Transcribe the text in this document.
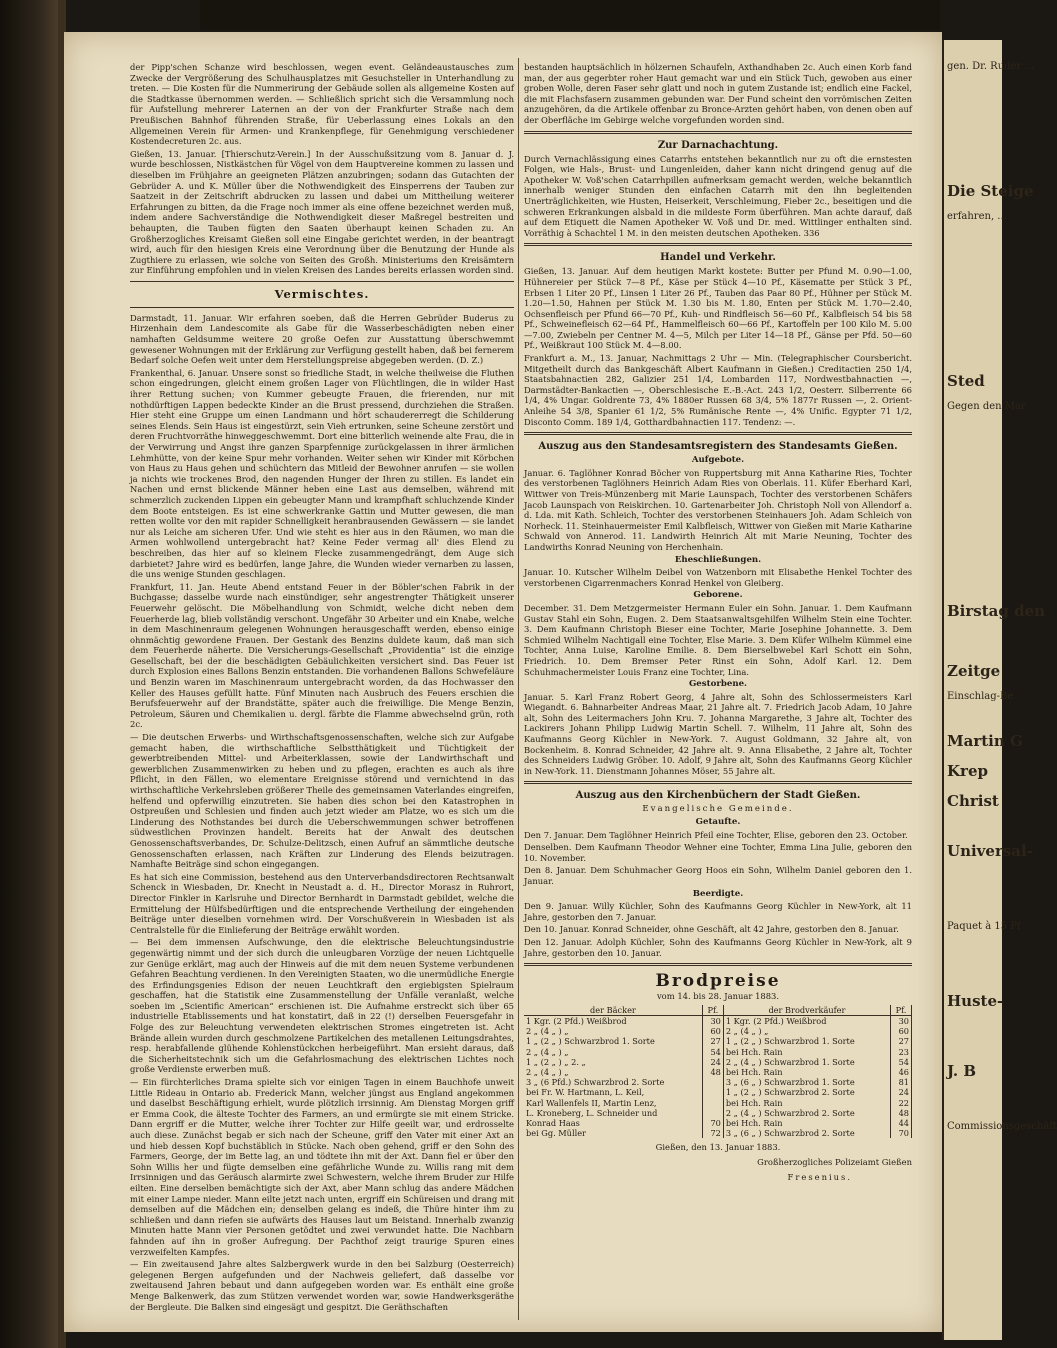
der Pipp'schen Schanze wird beschlossen, wegen event. Geländeaustausches zum Zwecke der Vergrößerung des Schulhausplatzes mit Gesuchsteller in Unterhandlung zu treten. — Die Kosten für die Nummerirung der Gebäude sollen als allgemeine Kosten auf die Stadtkasse übernommen werden. — Schließlich spricht sich die Versammlung noch für Aufstellung mehrerer Laternen an der von der Frankfurter Straße nach dem Preußischen Bahnhof führenden Straße, für Ueberlassung eines Lokals an den Allgemeinen Verein für Armen- und Krankenpflege, für Genehmigung verschiedener Kostendecreturen 2c. aus.

Gießen, 13. Januar. [Thierschutz-Verein.] In der Ausschußsitzung vom 8. Januar d. J. wurde beschlossen, Nistkästchen für Vögel von dem Hauptvereine kommen zu lassen und dieselben im Frühjahre an geeigneten Plätzen anzubringen; sodann das Gutachten der Gebrüder A. und K. Müller über die Nothwendigkeit des Einsperrens der Tauben zur Saatzeit in der Zeitschrift abdrucken zu lassen und dabei um Mittheilung weiterer Erfahrungen zu bitten, da die Frage noch immer als eine offene bezeichnet werden muß, indem andere Sachverständige die Nothwendigkeit dieser Maßregel bestreiten und behaupten, die Tauben fügten den Saaten überhaupt keinen Schaden zu. An Großherzogliches Kreisamt Gießen soll eine Eingabe gerichtet werden, in der beantragt wird, auch für den hiesigen Kreis eine Verordnung über die Benutzung der Hunde als Zugthiere zu erlassen, wie solche von Seiten des Großh. Ministeriums den Kreisämtern zur Einführung empfohlen und in vielen Kreisen des Landes bereits erlassen worden sind.

Vermischtes.

Darmstadt, 11. Januar. Wir erfahren soeben, daß die Herren Gebrüder Buderus zu Hirzenhain dem Landescomite als Gabe für die Wasserbeschädigten neben einer namhaften Geldsumme weitere 20 große Oefen zur Ausstattung überschwemmt gewesener Wohnungen mit der Erklärung zur Verfügung gestellt haben, daß bei fernerem Bedarf solche Oefen weit unter dem Herstellungspreise abgegeben werden. (D. Z.)

Frankenthal, 6. Januar. Unsere sonst so friedliche Stadt, in welche theilweise die Fluthen schon eingedrungen, gleicht einem großen Lager von Flüchtlingen, die in wilder Hast ihrer Rettung suchen; von Kummer gebeugte Frauen, die frierenden, nur mit nothdürftigen Lappen bedeckte Kinder an die Brust pressend, durchziehen die Straßen. Hier steht eine Gruppe um einen Landmann und hört schaudererregt die Schilderung seines Elends. Sein Haus ist eingestürzt, sein Vieh ertrunken, seine Scheune zerstört und deren Fruchtvorräthe hinweggeschwemmt. Dort eine bitterlich weinende alte Frau, die in der Verwirrung und Angst ihre ganzen Sparpfennige zurückgelassen in ihrer ärmlichen Lehmhütte, von der keine Spur mehr vorhanden. Weiter sehen wir Kinder mit Körbchen von Haus zu Haus gehen und schüchtern das Mitleid der Bewohner anrufen — sie wollen ja nichts wie trockenes Brod, den nagenden Hunger der Ihren zu stillen. Es landet ein Nachen und ernst blickende Männer heben eine Last aus demselben, während mit schmerzlich zuckenden Lippen ein gebeugter Mann und krampfhaft schluchzende Kinder dem Boote entsteigen. Es ist eine schwerkranke Gattin und Mutter gewesen, die man retten wollte vor den mit rapider Schnelligkeit heranbrausenden Gewässern — sie landet nur als Leiche am sicheren Ufer. Und wie steht es hier aus in den Räumen, wo man die Armen wohlwollend untergebracht hat? Keine Feder vermag all' dies Elend zu beschreiben, das hier auf so kleinem Flecke zusammengedrängt, dem Auge sich darbietet? Jahre wird es bedürfen, lange Jahre, die Wunden wieder vernarben zu lassen, die uns wenige Stunden geschlagen.

Frankfurt, 11. Jan. Heute Abend entstand Feuer in der Böbler'schen Fabrik in der Buchgasse; dasselbe wurde nach einstündiger, sehr angestrengter Thätigkeit unserer Feuerwehr gelöscht. Die Möbelhandlung von Schmidt, welche dicht neben dem Feuerherde lag, blieb vollständig verschont. Ungefähr 30 Arbeiter und ein Knabe, welche in dem Maschinenraum gelegenen Wohnungen herausgeschafft werden, ebenso einige ohnmächtig gewordene Frauen. Der Gestank des Benzins duldete kaum, daß man sich dem Feuerherde näherte. Die Versicherungs-Gesellschaft „Providentia“ ist die einzige Gesellschaft, bei der die beschädigten Gebäulichkeiten versichert sind. Das Feuer ist durch Explosion eines Ballons Benzin entstanden. Die vorhandenen Ballons Schwefeläure und Benzin waren im Maschinenraum untergebracht worden, da das Hochwasser den Keller des Hauses gefüllt hatte. Fünf Minuten nach Ausbruch des Feuers erschien die Berufsfeuerwehr auf der Brandstätte, später auch die freiwillige. Die Menge Benzin, Petroleum, Säuren und Chemikalien u. dergl. färbte die Flamme abwechselnd grün, roth 2c.

— Die deutschen Erwerbs- und Wirthschaftsgenossenschaften, welche sich zur Aufgabe gemacht haben, die wirthschaftliche Selbstthätigkeit und Tüchtigkeit der gewerbtreibenden Mittel- und Arbeiterklassen, sowie der Landwirthschaft und gewerblichen Zusammenwirken zu heben und zu pflegen, erachten es auch als ihre Pflicht, in den Fällen, wo elementare Ereignisse störend und vernichtend in das wirthschaftliche Verkehrsleben größerer Theile des gemeinsamen Vaterlandes eingreifen, helfend und opferwillig einzutreten. Sie haben dies schon bei den Katastrophen in Ostpreußen und Schlesien und finden auch jetzt wieder am Platze, wo es sich um die Linderung des Nothstandes bei durch die Ueberschwemmungen schwer betroffenen südwestlichen Provinzen handelt. Bereits hat der Anwalt des deutschen Genossenschaftsverbandes, Dr. Schulze-Delitzsch, einen Aufruf an sämmtliche deutsche Genossenschaften erlassen, nach Kräften zur Linderung des Elends beizutragen. Namhafte Beiträge sind schon eingegangen.

Es hat sich eine Commission, bestehend aus den Unterverbandsdirectoren Rechtsanwalt Schenck in Wiesbaden, Dr. Knecht in Neustadt a. d. H., Director Morasz in Ruhrort, Director Finkler in Karlsruhe und Director Bernhardt in Darmstadt gebildet, welche die Ermittelung der Hülfsbedürftigen und die entsprechende Vertheilung der eingehenden Beiträge unter dieselben vornehmen wird. Der Vorschußverein in Wiesbaden ist als Centralstelle für die Einlieferung der Beiträge erwählt worden.

— Bei dem immensen Aufschwunge, den die elektrische Beleuchtungsindustrie gegenwärtig nimmt und der sich durch die unleugbaren Vorzüge der neuen Lichtquelle zur Genüge erklärt, mag auch der Hinweis auf die mit dem neuen Systeme verbundenen Gefahren Beachtung verdienen. In den Vereinigten Staaten, wo die unermüdliche Energie des Erfindungsgenies Edison der neuen Leuchtkraft den ergiebigsten Spielraum geschaffen, hat die Statistik eine Zusammenstellung der Unfälle veranlaßt, welche soeben im „Scientific American“ erschienen ist. Die Aufnahme erstreckt sich über 65 industrielle Etablissements und hat konstatirt, daß in 22 (!) derselben Feuersgefahr in Folge des zur Beleuchtung verwendeten elektrischen Stromes eingetreten ist. Acht Brände allein wurden durch geschmolzene Partikelchen des metallenen Leitungsdrahtes, resp. herabfallende glühende Kohlenstückchen herbeigeführt. Man ersieht daraus, daß die Sicherheitstechnik sich um die Gefahrlosmachung des elektrischen Lichtes noch große Verdienste erwerben muß.

— Ein fürchterliches Drama spielte sich vor einigen Tagen in einem Bauchhofe unweit Little Rideau in Ontario ab. Frederick Mann, welcher jüngst aus England angekommen und daselbst Beschäftigung erhielt, wurde plötzlich irrsinnig. Am Dienstag Morgen griff er Emma Cook, die älteste Tochter des Farmers, an und ermürgte sie mit einem Stricke. Dann ergriff er die Mutter, welche ihrer Tochter zur Hilfe geeilt war, und erdrosselte auch diese. Zunächst begab er sich nach der Scheune, griff den Vater mit einer Axt an und hieb dessen Kopf buchstäblich in Stücke. Nach oben gehend, griff er den Sohn des Farmers, George, der im Bette lag, an und tödtete ihn mit der Axt. Dann fiel er über den Sohn Willis her und fügte demselben eine gefährliche Wunde zu. Willis rang mit dem Irrsinnigen und das Geräusch alarmirte zwei Schwestern, welche ihrem Bruder zur Hilfe eilten. Eine derselben bemächtigte sich der Axt, aber Mann schlug das andere Mädchen mit einer Lampe nieder. Mann eilte jetzt nach unten, ergriff ein Schüreisen und drang mit demselben auf die Mädchen ein; denselben gelang es indeß, die Thüre hinter ihm zu schließen und dann riefen sie aufwärts des Hauses laut um Beistand. Innerhalb zwanzig Minuten hatte Mann vier Personen getödtet und zwei verwundet hatte. Die Nachbarn fahnden auf ihn in großer Aufregung. Der Pachthof zeigt traurige Spuren eines verzweifelten Kampfes.

— Ein zweitausend Jahre altes Salzbergwerk wurde in den bei Salzburg (Oesterreich) gelegenen Bergen aufgefunden und der Nachweis geliefert, daß dasselbe vor zweitausend Jahren bebaut und dann aufgegeben worden war. Es enthält eine große Menge Balkenwerk, das zum Stützen verwendet worden war, sowie Handwerksgeräthe der Bergleute. Die Balken sind eingesägt und gespitzt. Die Geräthschaften

bestanden hauptsächlich in hölzernen Schaufeln, Axthandhaben 2c. Auch einen Korb fand man, der aus gegerbter roher Haut gemacht war und ein Stück Tuch, gewoben aus einer groben Wolle, deren Faser sehr glatt und noch in gutem Zustande ist; endlich eine Fackel, die mit Flachsfasern zusammen gebunden war. Der Fund scheint den vorrömischen Zeiten anzugehören, da die Artikele offenbar zu Bronce-Arzten gehört haben, von denen oben auf der Oberfläche im Gebirge welche vorgefunden worden sind.

Zur Darnachachtung.

Durch Vernachlässigung eines Catarrhs entstehen bekanntlich nur zu oft die ernstesten Folgen, wie Hals-, Brust- und Lungenleiden, daher kann nicht dringend genug auf die Apotheker W. Voß'schen Catarrhpillen aufmerksam gemacht werden, welche bekanntlich innerhalb weniger Stunden den einfachen Catarrh mit den ihn begleitenden Unerträglichkeiten, wie Husten, Heiserkeit, Verschleimung, Fieber 2c., beseitigen und die schweren Erkrankungen alsbald in die mildeste Form überführen. Man achte darauf, daß auf dem Etiquett die Namen Apotheker W. Voß und Dr. med. Wittlinger enthalten sind. Vorräthig à Schachtel 1 M. in den meisten deutschen Apotheken. 336

Handel und Verkehr.

Gießen, 13. Januar. Auf dem heutigen Markt kostete: Butter per Pfund M. 0.90—1.00, Hühnereier per Stück 7—8 Pf., Käse per Stück 4—10 Pf., Käsematte per Stück 3 Pf., Erbsen 1 Liter 20 Pf., Linsen 1 Liter 26 Pf., Tauben das Paar 80 Pf., Hühner per Stück M. 1.20—1.50, Hahnen per Stück M. 1.30 bis M. 1.80, Enten per Stück M. 1.70—2.40, Ochsenfleisch per Pfund 66—70 Pf., Kuh- und Rindfleisch 56—60 Pf., Kalbfleisch 54 bis 58 Pf., Schweinefleisch 62—64 Pf., Hammelfleisch 60—66 Pf., Kartoffeln per 100 Kilo M. 5.00—7.00, Zwiebeln per Centner M. 4—5, Milch per Liter 14—18 Pf., Gänse per Pfd. 50—60 Pf., Weißkraut 100 Stück M. 4—8.00.

Frankfurt a. M., 13. Januar, Nachmittags 2 Uhr — Min. (Telegraphischer Coursbericht. Mitgetheilt durch das Bankgeschäft Albert Kaufmann in Gießen.) Creditactien 250 1/4, Staatsbahnactien 282, Galizier 251 1/4, Lombarden 117, Nordwestbahnactien —, Darmstädter-Bankactien —, Oberschlesische E.-B.-Act. 243 1/2, Oesterr. Silberrente 66 1/4, 4% Ungar. Goldrente 73, 4% 1880er Russen 68 3/4, 5% 1877r Russen —, 2. Orient-Anleihe 54 3/8, Spanier 61 1/2, 5% Rumänische Rente —, 4% Unific. Egypter 71 1/2, Disconto Comm. 189 1/4, Gotthardbahnactien 117. Tendenz: —.

Auszug aus den Standesamtsregistern des Standesamts Gießen.
Aufgebote.

Januar. 6. Taglöhner Konrad Böcher von Ruppertsburg mit Anna Katharine Ries, Tochter des verstorbenen Taglöhners Heinrich Adam Ries von Oberlais. 11. Küfer Eberhard Karl, Wittwer von Treis-Münzenberg mit Marie Launspach, Tochter des verstorbenen Schäfers Jacob Launspach von Reiskirchen. 10. Gartenarbeiter Joh. Christoph Noll von Allendorf a. d. Lda. mit Kath. Schleich, Tochter des verstorbenen Steinhauers Joh. Adam Schleich von Norheck. 11. Steinhauermeister Emil Kalbfleisch, Wittwer von Gießen mit Marie Katharine Schwald von Annerod. 11. Landwirth Heinrich Alt mit Marie Neuning, Tochter des Landwirths Konrad Neuning von Herchenhain.

Eheschließungen.

Januar. 10. Kutscher Wilhelm Deibel von Watzenborn mit Elisabethe Henkel Tochter des verstorbenen Cigarrenmachers Konrad Henkel von Gleiberg.

Geborene.

December. 31. Dem Metzgermeister Hermann Euler ein Sohn. Januar. 1. Dem Kaufmann Gustav Stahl ein Sohn, Eugen. 2. Dem Staatsanwaltsgehilfen Wilhelm Stein eine Tochter. 3. Dem Kaufmann Christoph Bieser eine Tochter, Marie Josephine Johannette. 3. Dem Schmied Wilhelm Nachtigall eine Tochter, Else Marie. 3. Dem Küfer Wilhelm Kümmel eine Tochter, Anna Luise, Karoline Emilie. 8. Dem Bierselbwebel Karl Schott ein Sohn, Friedrich. 10. Dem Bremser Peter Rinst ein Sohn, Adolf Karl. 12. Dem Schuhmachermeister Louis Franz eine Tochter, Lina.

Gestorbene.

Januar. 5. Karl Franz Robert Georg, 4 Jahre alt, Sohn des Schlossermeisters Karl Wiegandt. 6. Bahnarbeiter Andreas Maar, 21 Jahre alt. 7. Friedrich Jacob Adam, 10 Jahre alt, Sohn des Leitermachers John Kru. 7. Johanna Margarethe, 3 Jahre alt, Tochter des Lackirers Johann Philipp Ludwig Martin Schell. 7. Wilhelm, 11 Jahre alt, Sohn des Kaufmanns Georg Küchler in New-York. 7. August Goldmann, 32 Jahre alt, von Bockenheim. 8. Konrad Schneider, 42 Jahre alt. 9. Anna Elisabethe, 2 Jahre alt, Tochter des Schneiders Ludwig Gröber. 10. Adolf, 9 Jahre alt, Sohn des Kaufmanns Georg Küchler in New-York. 11. Dienstmann Johannes Möser, 55 Jahre alt.

Auszug aus den Kirchenbüchern der Stadt Gießen.
Evangelische Gemeinde.
Getaufte.

Den 7. Januar. Dem Taglöhner Heinrich Pfeil eine Tochter, Elise, geboren den 23. October.

Denselben. Dem Kaufmann Theodor Wehner eine Tochter, Emma Lina Julie, geboren den 10. November.

Den 8. Januar. Dem Schuhmacher Georg Hoos ein Sohn, Wilhelm Daniel geboren den 1. Januar.

Beerdigte.

Den 9. Januar. Willy Küchler, Sohn des Kaufmanns Georg Küchler in New-York, alt 11 Jahre, gestorben den 7. Januar.

Den 10. Januar. Konrad Schneider, ohne Geschäft, alt 42 Jahre, gestorben den 8. Januar.

Den 12. Januar. Adolph Küchler, Sohn des Kaufmanns Georg Küchler in New-York, alt 9 Jahre, gestorben den 10. Januar.

Brodpreise
vom 14. bis 28. Januar 1883.
der Bäcker	Pf.	der Brodverkäufer	Pf.
1 Kgr. (2 Pfd.) Weißbrod	30	1 Kgr. (2 Pfd.) Weißbrod	30
2 „ (4 „ ) „	60	2 „ (4 „ ) „	60
1 „ (2 „ ) Schwarzbrod 1. Sorte	27	1 „ (2 „ ) Schwarzbrod 1. Sorte	27
2 „ (4 „ ) „	54	bei Hch. Rain	23
1 „ (2 „ ) „ 2. „	24	2 „ (4 „ ) Schwarzbrod 1. Sorte	54
2 „ (4 „ ) „	48	bei Hch. Rain	46
3 „ (6 Pfd.) Schwarzbrod 2. Sorte		3 „ (6 „ ) Schwarzbrod 1. Sorte	81
bei Fr. W. Hartmann, L. Keil,		1 „ (2 „ ) Schwarzbrod 2. Sorte	24
Karl Wallenfels II, Martin Lenz,		bei Hch. Rain	22
L. Kroneberg, L. Schneider und		2 „ (4 „ ) Schwarzbrod 2. Sorte	48
Konrad Haas	70	bei Hch. Rain	44
bei Gg. Müller	72	3 „ (6 „ ) Schwarzbrod 2. Sorte	70
Gießen, den 13. Januar 1883.
Großherzogliches Polizeiamt Gießen
Fresenius.
gen. Dr. Ruder ...
Die Steige
erfahren, ...
Sted
Gegen den Mar
Birstag den
Zeitge
Einschlag-Be
Martin G
Krep
Christ
Universal-
Paquet à 15 Pf
Huste-
J. B
Commissionsgeschäft
